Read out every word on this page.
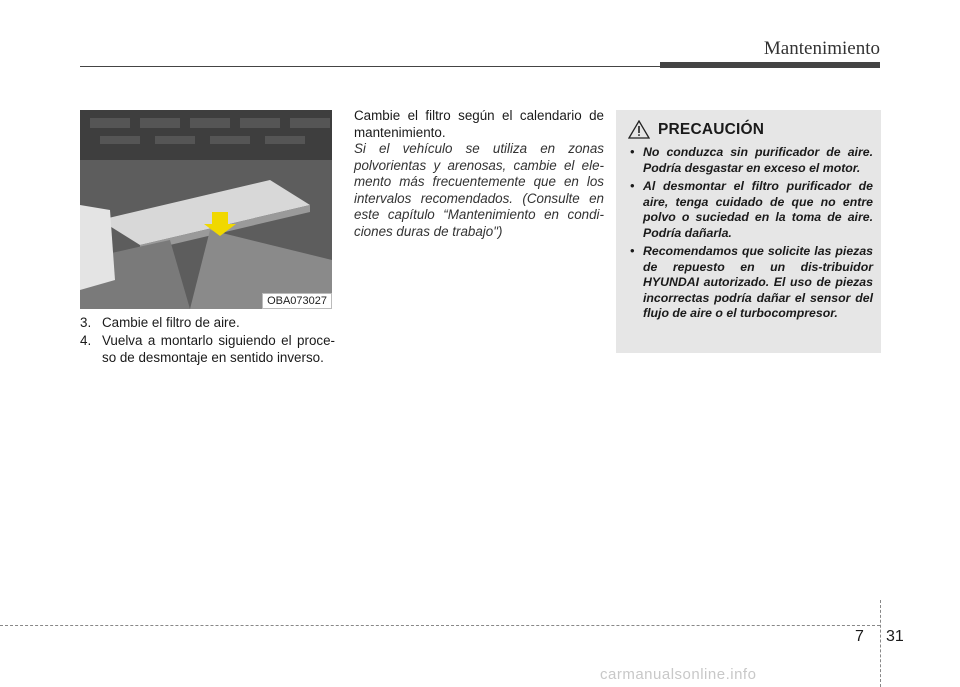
Mantenimiento
OBA073027
3. Cambie el filtro de aire.
4. Vuelva a montarlo siguiendo el proce-so de desmontaje en sentido inverso.

Cambie el filtro según el calendario de mantenimiento.

Si el vehículo se utiliza en zonas polvorientas y arenosas, cambie el ele-mento más frecuentemente que en los intervalos recomendados. (Consulte en este capítulo “Mantenimiento en condi-ciones duras de trabajo")

PRECAUCIÓN
• No conduzca sin purificador de aire. Podría desgastar en exceso el motor.
• Al desmontar el filtro purificador de aire, tenga cuidado de que no entre polvo o suciedad en la toma de aire. Podría dañarla.
• Recomendamos que solicite las piezas de repuesto en un dis-tribuidor HYUNDAI autorizado. El uso de piezas incorrectas podría dañar el sensor del flujo de aire o el turbocompresor.
7 31
carmanualsonline.info
